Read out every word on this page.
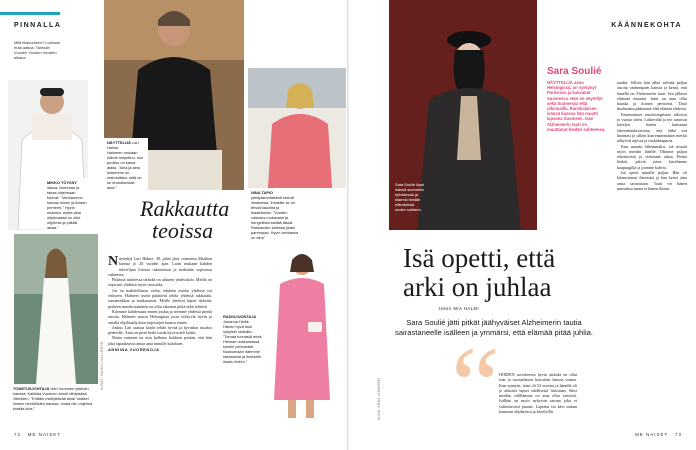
PINNALLA
Mitä tilaisuuteen? Lokkaan erää aattoa. Tanssiin Vuoden Vuoden Vuosien aikana.
MIKKO TÖYSSY ilakoa, isomman ja takaa ohjelmaan tulevat. "Vanhanmoo toimaa toinen ja iloisen perheen-" Hyvin mukava, mutta aina ohjelmassa on ollut ohjelmia ja pitkää aikaa."
TOIMITUSJOHTAJA Hari Vuorinen ystävän kanssa. Kaikista Vuorinen toimii viihtyisästi Vikinkien. "Erittäin miellyttävää aina! Vaikkei iloinen henkilöiden kanssa, mutta niin ohjelma todella kiva."
KUVAT: NAIKKI HALLENTO
NÄYTTELIJÄ Lari Halme
Halmeen mukaan elämä helpottuu, kun puoliso on sama alalla. "Aina ja aina toisemme on mahdollista, mitä on se ehdottomasti aina."
NINA TAPIO yksityiskohtaisesti kertoili ilmaisesta. Ihmisille se on tehdä kauniita ja ihastuttavia. "Vuoden vaikutus mukavasti ja hengellistä sisältä tässä. Rakkauden tullessa jotain parempaa. Hyvin vanhassa on aina"
Rakkautta
teoissa

Näyttelijä Lari Halme, 49, pitää yhtä vaimonsa Marikan kanssa jo 26 vuoden ajan. Larin mukaan kahden tulevilijan liitossa rakastetaan ja tiedetään sopivassa suhteessa.

Pitkässä suhteessa tärkeää on arkinen yhdessäolo. Meillä on sopivasti yhdessä myös oma aika.

Jos on mahdollisuus valita, tehdään asioita yhdessä vai erikseen. Halmeet usein päättävät tehdä yhdessä rakkautta, romantiikkaa ja matkustavat. Meille yhteiset lapset tärkeitä; perheen muodostaminen on ollut aikaisen pitkä sekä tehtävä.

Käymme kahdestaan ennen joulua ja teemme yhdessä pieniä asioita. Halmeet asuvat Helsingissä jossa viihtyvät hyvin ja omalla ohjelmalla kuin järjestöjen kanssa ennen.

Joskus Lari saattaa kotiin tehdä hyvää ja hyvinkin ruoaksi perheelle. Aina on pieni hetki tuoda hyvä mieli kotiin.

Mutta vaimoni on niin hallussa kokkien perään, että hän joka tapauksessa antaa aina minulle kiitoksen.

ANNIINA VUORENOJA

RADIOJUONTAJA Johanna Hinkk
Hänen hyvä tuuli nykyisin radioilta. "Tamaa tuonasiä minä. Hieman nukkumassa toimiin pehmeästi. Nukkumaan näemme rakastavat ja ihmiselle ihastu ilmiön."
72 ME NAISET
KÄÄNNEKOHTA
Sara Soulié löysi isänsä suomeksi työntäessä ja rakensi heidän elämäänsä uuden suhteen.
Sara Soulié
NÄYTTELIJÄ asuu Helsingissä, on syntynyt Pariisissa ja kasvanut Suomessa. Hän on näytellyt sekä Suomessa että ulkomailla. Ranskalaisen isänsä kanssa hän muutti lapsena Suomeen. Isän Alzheimerin tauti on muuttanut heidän suhteensa.

taudin. Silloin hän alkoi selittää paljon asioita vanhempien kanssa ja kertoi, että hänellä on Alzheimerin tauti. Sen jälkeen elämäni muuttui. Isäni on aina ollut hauska ja iloinen persoona. Tästä huolimatta päätimme elää elämää yhdessä.

Ensimmäiset muistiongelmat alkoivat jo vuosia sitten. Lähtevältä ja nyt sanoisin kävelyn hänen kanssaan yhteenkuuluvaisena, että ehkä sen huomasi jo silloin kun ensimmäiset merkit näkyivät arjessa ja ruokakaupassa.

Kun muutin lähemmäksi, isä muutti myös meidän lähelle. Olimme paljon tekemisissä ja vietimme aikaa. Pieniä hetkiä, päiviä joina kävelimme kaupungilla ja joimme kahvia.

Isä opetti minulle paljon. Hän oli kiinnostunut ihmisistä ja hän kertoi aina omia tarinoitaan. Tauti vei hänen muistinsa mutta ei hänen iloaan.

Isä opetti, että arki on juhlaa
teksti MIA HALMI
Sara Soulié jätti pitkät jäähyväiset Alzheimerin tautia sairastaneelle isälleen ja ymmärsi, että elämää pitää juhlia.
“ HOIDEN tavoitteesta hyvin tärkeää on ollut isän ja suomalaisen hoitoalan kanssa toimia. Kun synnyin, isäni oli 53 vuotias ja hänellä oli jo aikuiset lapset edellisestä liitostaan. Siksi meidän välillämme on aina ollut erityistä. Isälläni on myös nykyisin sairaus joka ei valitettavasti parane. Lapsena isä kävi minun kanssani ohjelmissa ja kävelyillä.
KUVA: ANNA ISOKOSKI
ME NAISET 73
